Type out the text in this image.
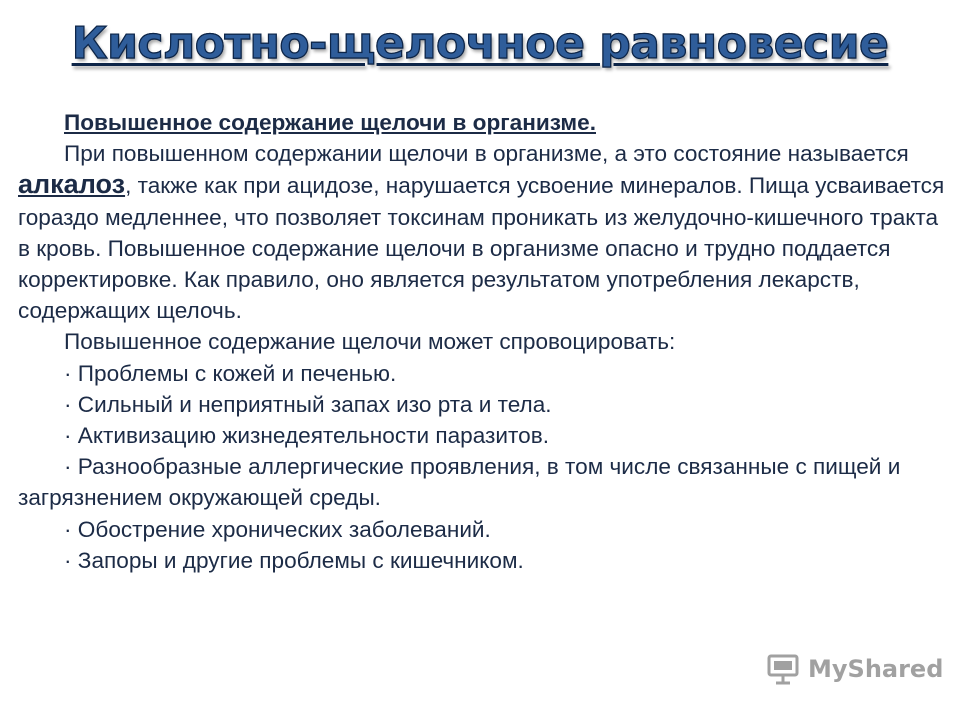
Кислотно-щелочное равновесие

Повышенное содержание щелочи в организме.

При повышенном содержании щелочи в организме, а это состояние называется алкалоз, также как при ацидозе, нарушается усвоение минералов. Пища усваивается гораздо медленнее, что позволяет токсинам проникать из желудочно-кишечного тракта в кровь. Повышенное содержание щелочи в организме опасно и трудно поддается корректировке. Как правило, оно является результатом употребления лекарств, содержащих щелочь.

Повышенное содержание щелочи может спровоцировать:

· Проблемы с кожей и печенью.

· Сильный и неприятный запах изо рта и тела.

· Активизацию жизнедеятельности паразитов.

· Разнообразные аллергические проявления, в том числе связанные с пищей и загрязнением окружающей среды.

· Обострение хронических заболеваний.

· Запоры и другие проблемы с кишечником.

MyShared
